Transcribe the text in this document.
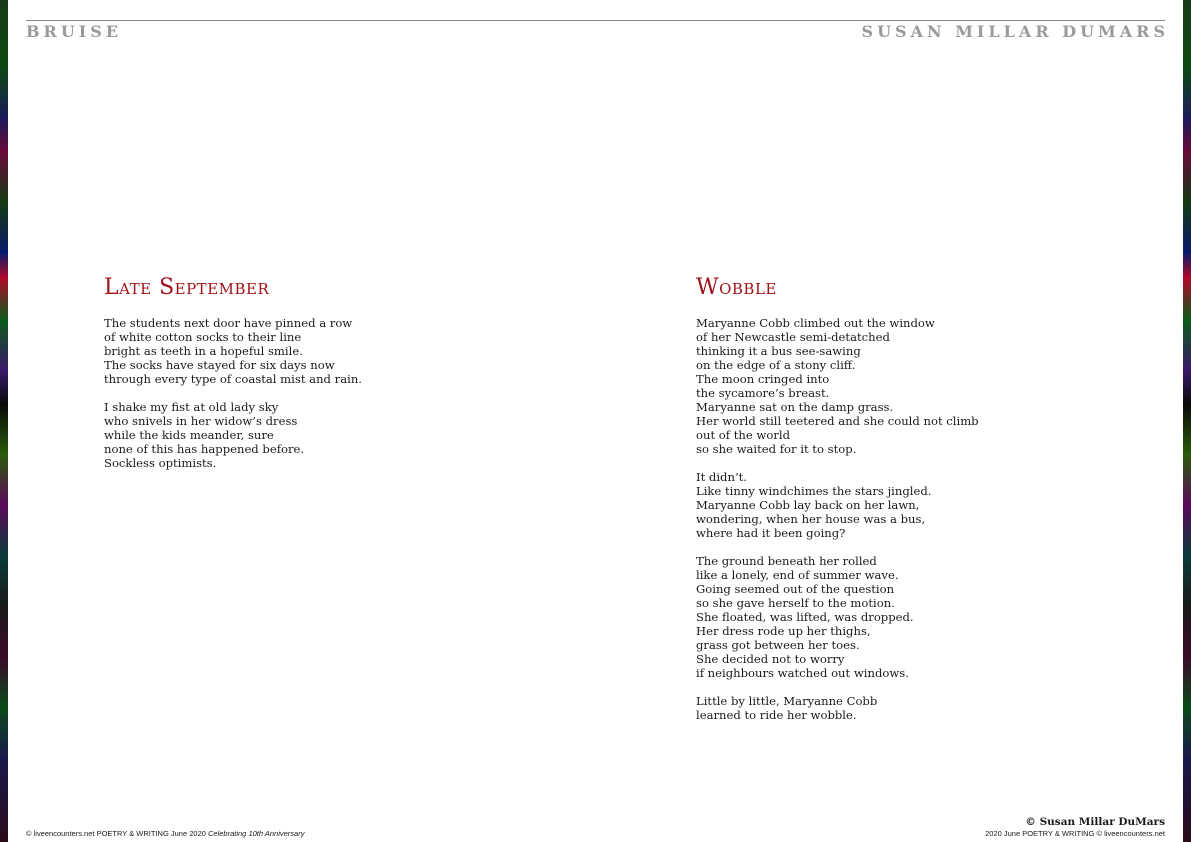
BRUISE	SUSAN MILLAR DUMARS
Late September
The students next door have pinned a row
of white cotton socks to their line
bright as teeth in a hopeful smile.
The socks have stayed for six days now
through every type of coastal mist and rain.
I shake my fist at old lady sky
who snivels in her widow’s dress
while the kids meander, sure
none of this has happened before.
Sockless optimists.
Wobble
Maryanne Cobb climbed out the window
of her Newcastle semi-detatched
thinking it a bus see-sawing
on the edge of a stony cliff.
The moon cringed into
the sycamore’s breast.
Maryanne sat on the damp grass.
Her world still teetered and she could not climb
out of the world
so she waited for it to stop.
It didn’t.
Like tinny windchimes the stars jingled.
Maryanne Cobb lay back on her lawn,
wondering, when her house was a bus,
where had it been going?
The ground beneath her rolled
like a lonely, end of summer wave.
Going seemed out of the question
so she gave herself to the motion.
She floated, was lifted, was dropped.
Her dress rode up her thighs,
grass got between her toes.
She decided not to worry
if neighbours watched out windows.
Little by little, Maryanne Cobb
learned to ride her wobble.
© liveencounters.net POETRY & WRITING June 2020 Celebrating 10th Anniversary
© Susan Millar DuMars
2020 June POETRY & WRITING © liveencounters.net
